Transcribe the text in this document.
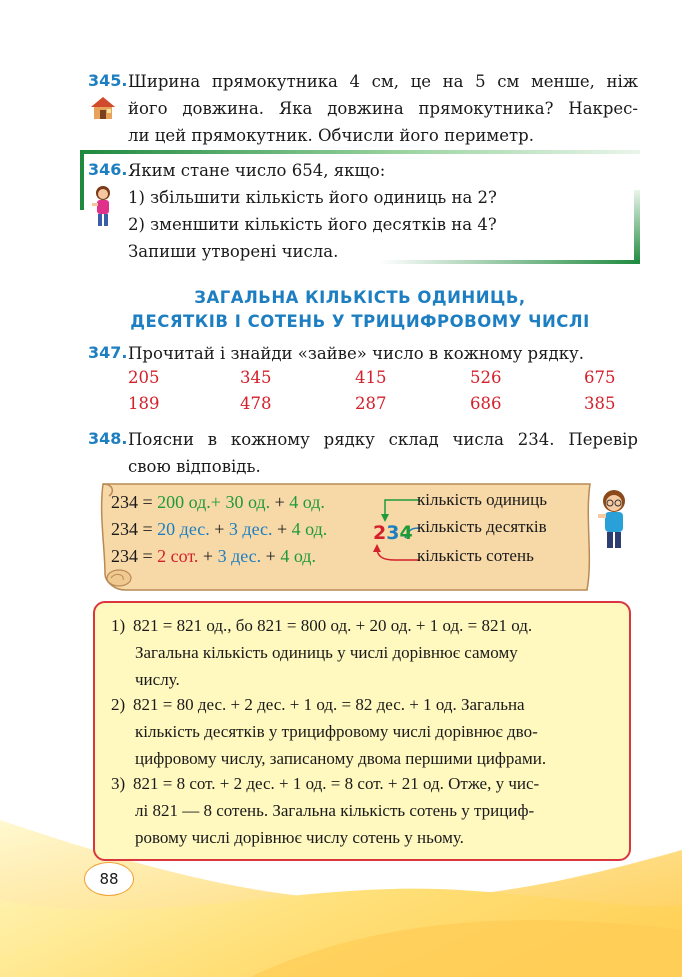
345. Ширина прямокутника 4 см, це на 5 см менше, ніж
його довжина. Яка довжина прямокутника? Накрес-
ли цей прямокутник. Обчисли його периметр.
346. Яким стане число 654, якщо:
1) збільшити кількість його одиниць на 2?
2) зменшити кількість його десятків на 4?
Запиши утворені числа.
ЗАГАЛЬНА КІЛЬКІСТЬ ОДИНИЦЬ,
ДЕСЯТКІВ І СОТЕНЬ У ТРИЦИФРОВОМУ ЧИСЛІ
347. Прочитай і знайди «зайве» число в кожному рядку.
205	345	415	526	675
189	478	287	686	385
348. Поясни в кожному рядку склад числа 234. Перевір
свою відповідь.
234 = 200 од.+ 30 од. + 4 од.
234 = 20 дес. + 3 дес. + 4 од.
234 = 2 сот. + 3 дес. + 4 од.
234
кількість одиниць
кількість десятків
кількість сотень
1) 821 = 821 од., бо 821 = 800 од. + 20 од. + 1 од. = 821 од.
Загальна кількість одиниць у числі дорівнює самому
числу.
2) 821 = 80 дес. + 2 дес. + 1 од. = 82 дес. + 1 од. Загальна
кількість десятків у трицифровому числі дорівнює дво-
цифровому числу, записаному двома першими цифрами.
3) 821 = 8 сот. + 2 дес. + 1 од. = 8 сот. + 21 од. Отже, у чис-
лі 821 — 8 сотень. Загальна кількість сотень у трициф-
ровому числі дорівнює числу сотень у ньому.
88
